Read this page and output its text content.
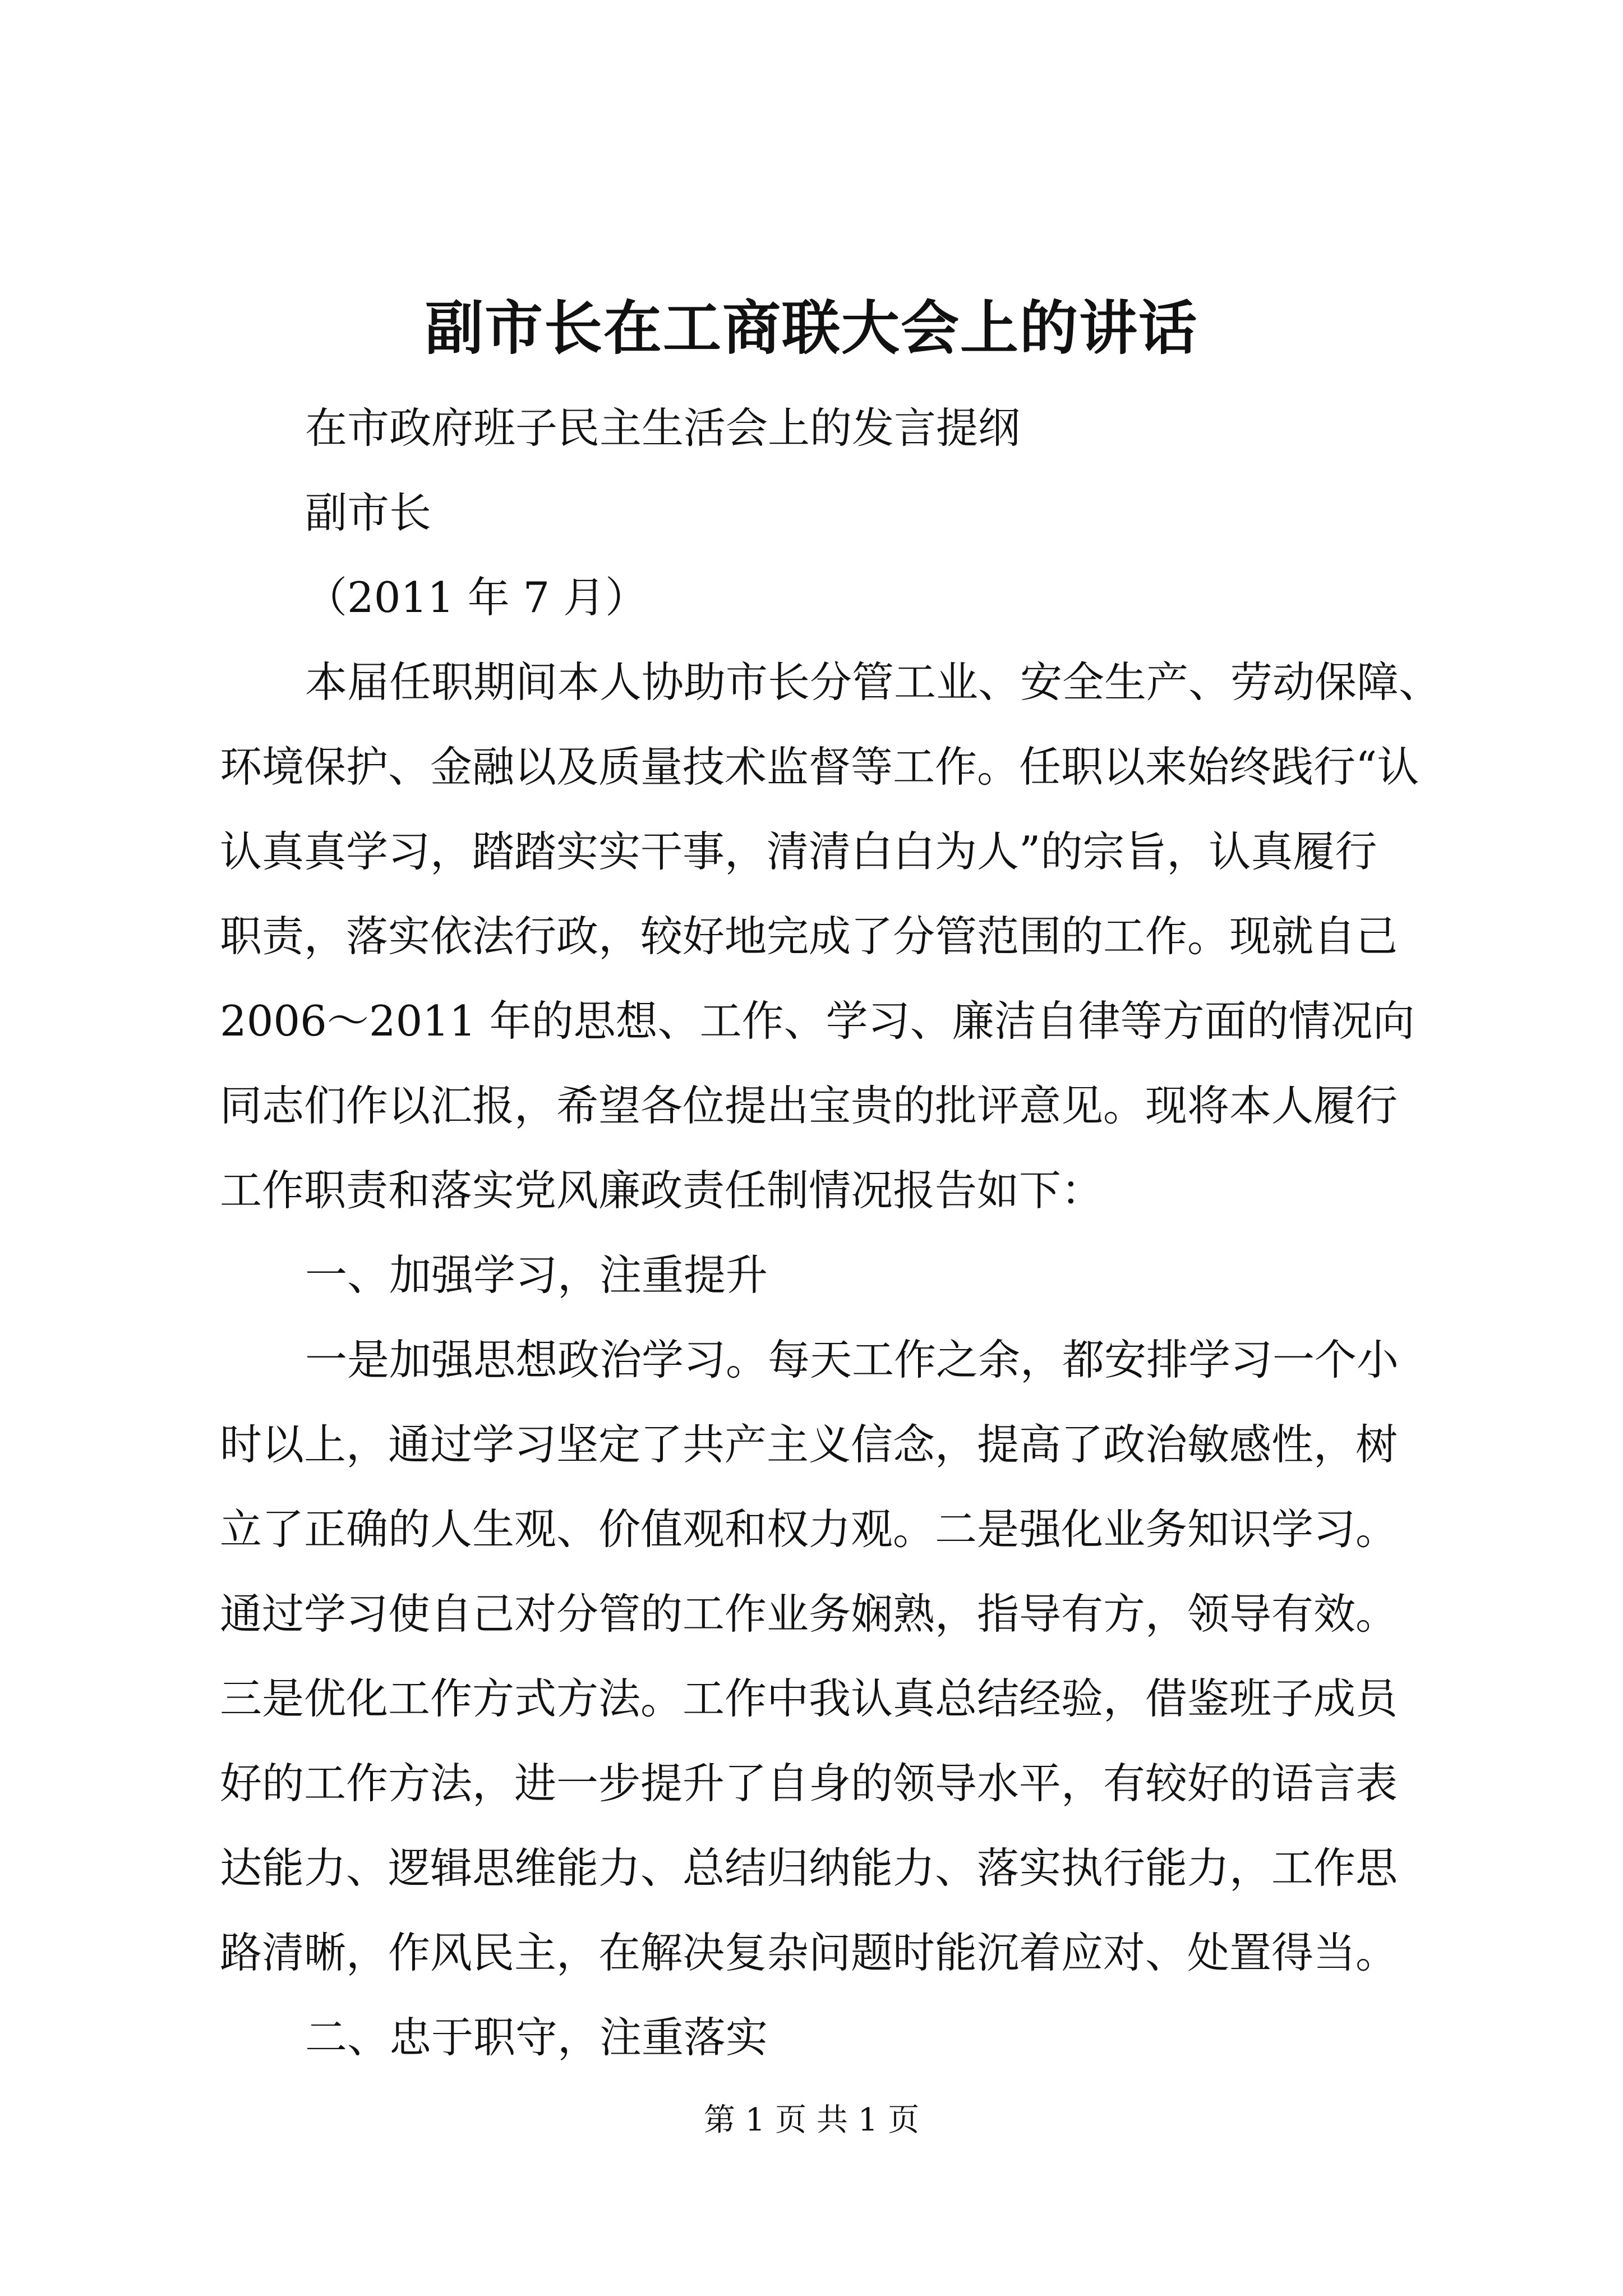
副市长在工商联大会上的讲话
在市政府班子民主生活会上的发言提纲
副市长
（2011 年 7 月）
本届任职期间本人协助市长分管工业、安全生产、劳动保障、
环境保护、金融以及质量技术监督等工作。任职以来始终践行“认
认真真学习，踏踏实实干事，清清白白为人”的宗旨，认真履行
职责，落实依法行政，较好地完成了分管范围的工作。现就自己
2006～2011 年的思想、工作、学习、廉洁自律等方面的情况向
同志们作以汇报，希望各位提出宝贵的批评意见。现将本人履行
工作职责和落实党风廉政责任制情况报告如下：
一、加强学习，注重提升
一是加强思想政治学习。每天工作之余，都安排学习一个小
时以上，通过学习坚定了共产主义信念，提高了政治敏感性，树
立了正确的人生观、价值观和权力观。二是强化业务知识学习。
通过学习使自己对分管的工作业务娴熟，指导有方，领导有效。
三是优化工作方式方法。工作中我认真总结经验，借鉴班子成员
好的工作方法，进一步提升了自身的领导水平，有较好的语言表
达能力、逻辑思维能力、总结归纳能力、落实执行能力，工作思
路清晰，作风民主，在解决复杂问题时能沉着应对、处置得当。
二、忠于职守，注重落实
第 1 页 共 1 页
